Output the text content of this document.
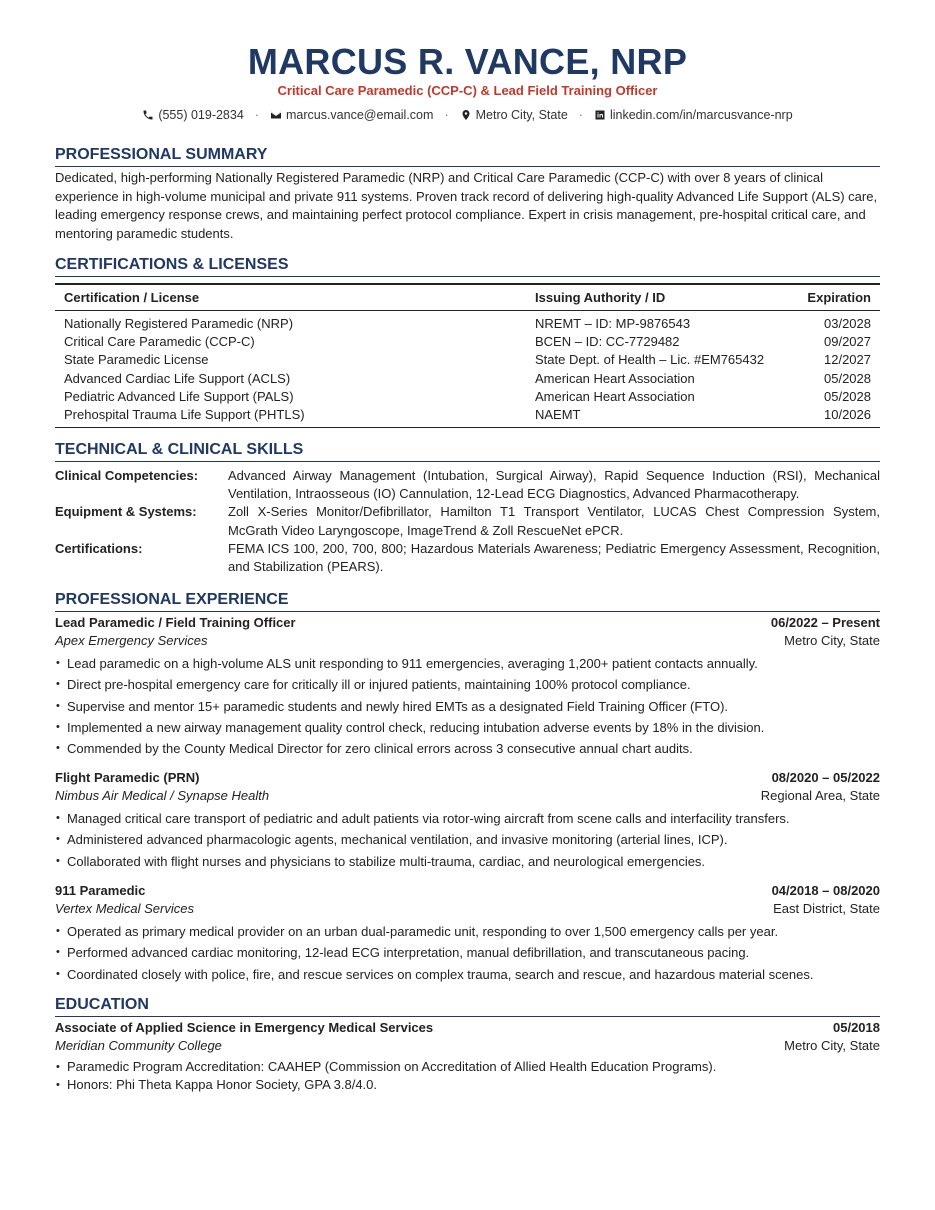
MARCUS R. VANCE, NRP
Critical Care Paramedic (CCP-C) & Lead Field Training Officer
(555) 019-2834 · marcus.vance@email.com · Metro City, State · linkedin.com/in/marcusvance-nrp
PROFESSIONAL SUMMARY

Dedicated, high-performing Nationally Registered Paramedic (NRP) and Critical Care Paramedic (CCP-C) with over 8 years of clinical experience in high-volume municipal and private 911 systems. Proven track record of delivering high-quality Advanced Life Support (ALS) care, leading emergency response crews, and maintaining perfect protocol compliance. Expert in crisis management, pre-hospital critical care, and mentoring paramedic students.

CERTIFICATIONS & LICENSES
Certification / License	Issuing Authority / ID	Expiration
Nationally Registered Paramedic (NRP)	NREMT – ID: MP-9876543	03/2028
Critical Care Paramedic (CCP-C)	BCEN – ID: CC-7729482	09/2027
State Paramedic License	State Dept. of Health – Lic. #EM765432	12/2027
Advanced Cardiac Life Support (ACLS)	American Heart Association	05/2028
Pediatric Advanced Life Support (PALS)	American Heart Association	05/2028
Prehospital Trauma Life Support (PHTLS)	NAEMT	10/2026
TECHNICAL & CLINICAL SKILLS
Clinical Competencies:	Advanced Airway Management (Intubation, Surgical Airway), Rapid Sequence Induction (RSI), Mechanical Ventilation, Intraosseous (IO) Cannulation, 12-Lead ECG Diagnostics, Advanced Pharmacotherapy.
Equipment & Systems:	Zoll X-Series Monitor/Defibrillator, Hamilton T1 Transport Ventilator, LUCAS Chest Compression System, McGrath Video Laryngoscope, ImageTrend & Zoll RescueNet ePCR.
Certifications:	FEMA ICS 100, 200, 700, 800; Hazardous Materials Awareness; Pediatric Emergency Assessment, Recognition, and Stabilization (PEARS).
PROFESSIONAL EXPERIENCE
Lead Paramedic / Field Training Officer	06/2022 – Present
Apex Emergency Services	Metro City, State
• Lead paramedic on a high-volume ALS unit responding to 911 emergencies, averaging 1,200+ patient contacts annually.
• Direct pre-hospital emergency care for critically ill or injured patients, maintaining 100% protocol compliance.
• Supervise and mentor 15+ paramedic students and newly hired EMTs as a designated Field Training Officer (FTO).
• Implemented a new airway management quality control check, reducing intubation adverse events by 18% in the division.
• Commended by the County Medical Director for zero clinical errors across 3 consecutive annual chart audits.
Flight Paramedic (PRN)	08/2020 – 05/2022
Nimbus Air Medical / Synapse Health	Regional Area, State
• Managed critical care transport of pediatric and adult patients via rotor-wing aircraft from scene calls and interfacility transfers.
• Administered advanced pharmacologic agents, mechanical ventilation, and invasive monitoring (arterial lines, ICP).
• Collaborated with flight nurses and physicians to stabilize multi-trauma, cardiac, and neurological emergencies.
911 Paramedic	04/2018 – 08/2020
Vertex Medical Services	East District, State
• Operated as primary medical provider on an urban dual-paramedic unit, responding to over 1,500 emergency calls per year.
• Performed advanced cardiac monitoring, 12-lead ECG interpretation, manual defibrillation, and transcutaneous pacing.
• Coordinated closely with police, fire, and rescue services on complex trauma, search and rescue, and hazardous material scenes.
EDUCATION
Associate of Applied Science in Emergency Medical Services	05/2018
Meridian Community College	Metro City, State
• Paramedic Program Accreditation: CAAHEP (Commission on Accreditation of Allied Health Education Programs).
• Honors: Phi Theta Kappa Honor Society, GPA 3.8/4.0.
